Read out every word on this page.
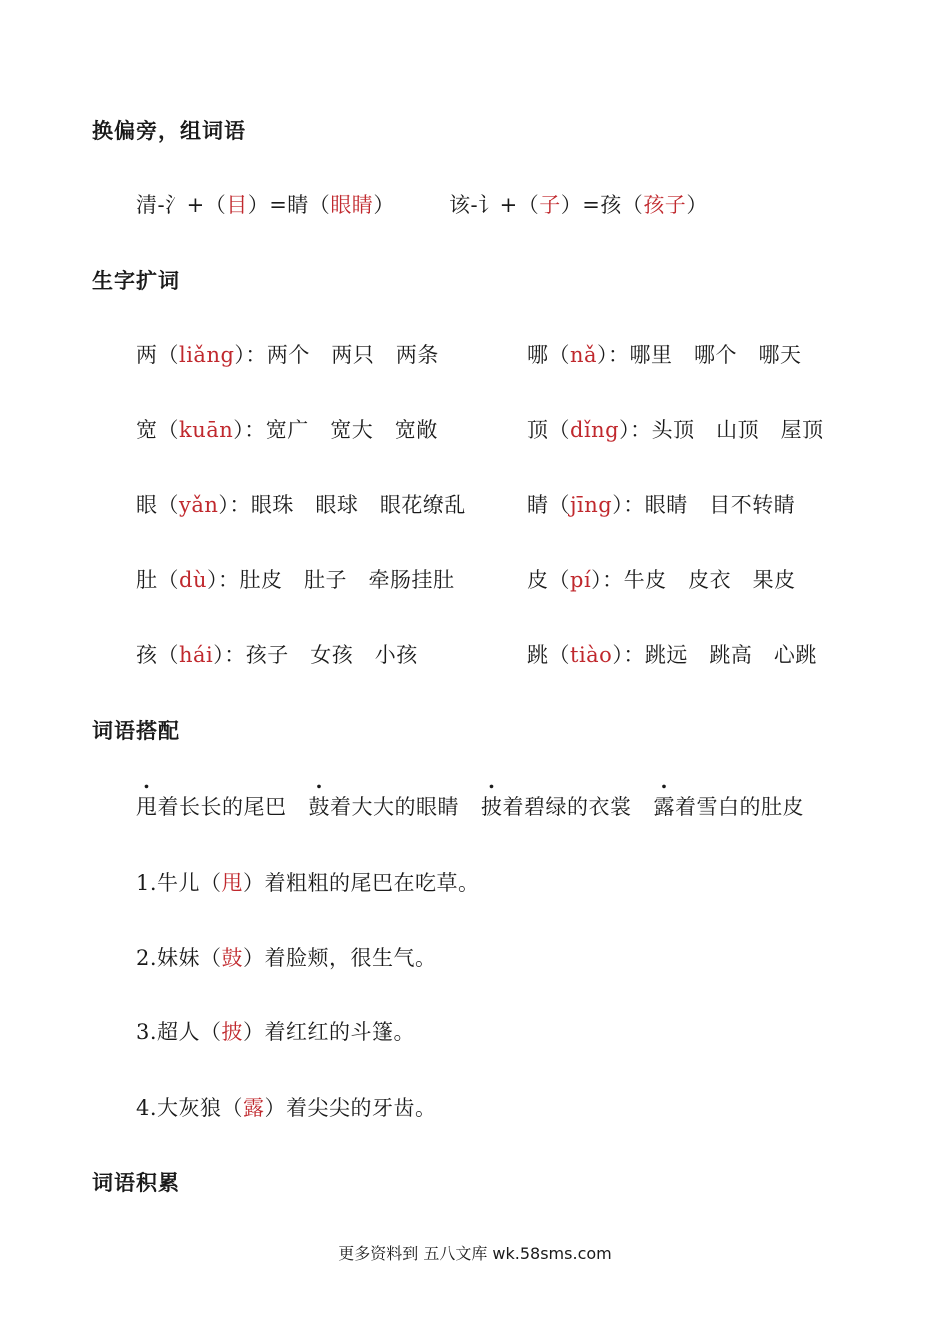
换偏旁，组词语
清-氵+（目）=睛（眼睛）	该-讠+（子）=孩（孩子）
生字扩词
两（liǎng）：两个　两只　两条	哪（nǎ）：哪里　哪个　哪天
宽（kuān）：宽广　宽大　宽敞	顶（dǐng）：头顶　山顶　屋顶
眼（yǎn）：眼珠　眼球　眼花缭乱	睛（jīng）：眼睛　目不转睛
肚（dù）：肚皮　肚子　牵肠挂肚	皮（pí）：牛皮　皮衣　果皮
孩（hái）：孩子　女孩　小孩	跳（tiào）：跳远　跳高　心跳
词语搭配
甩着长长的尾巴 鼓着大大的眼睛 披着碧绿的衣裳 露着雪白的肚皮
1.牛儿（甩）着粗粗的尾巴在吃草。
2.妹妹（鼓）着脸颊，很生气。
3.超人（披）着红红的斗篷。
4.大灰狼（露）着尖尖的牙齿。
词语积累
更多资料到 五八文库 wk.58sms.com
